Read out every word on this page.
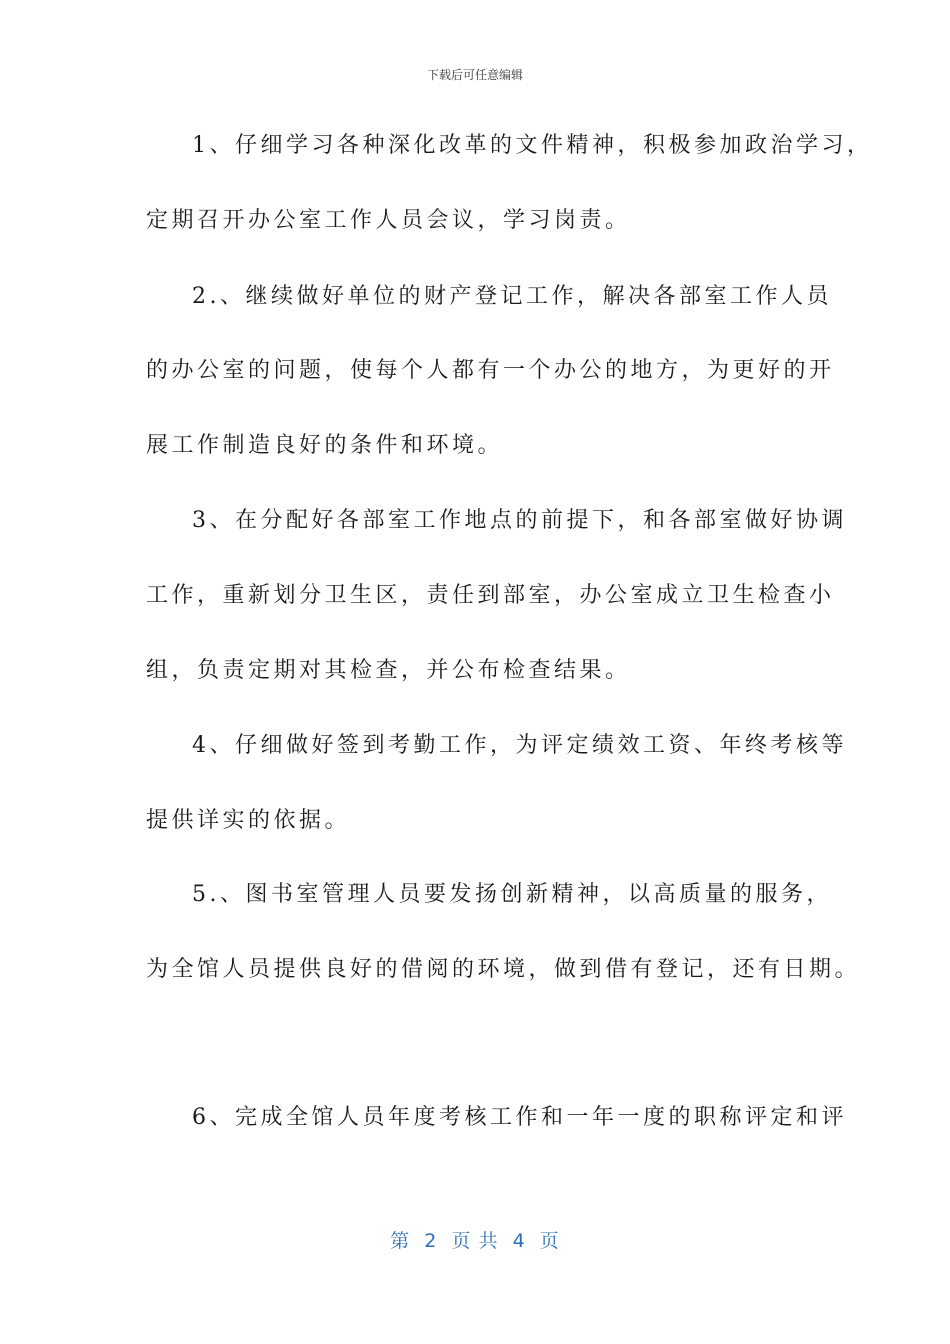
下载后可任意编辑
1、仔细学习各种深化改革的文件精神，积极参加政治学习，
定期召开办公室工作人员会议，学习岗责。
2.、继续做好单位的财产登记工作，解决各部室工作人员
的办公室的问题，使每个人都有一个办公的地方，为更好的开
展工作制造良好的条件和环境。
3、在分配好各部室工作地点的前提下，和各部室做好协调
工作，重新划分卫生区，责任到部室，办公室成立卫生检查小
组，负责定期对其检查，并公布检查结果。
4、仔细做好签到考勤工作，为评定绩效工资、年终考核等
提供详实的依据。
5.、图书室管理人员要发扬创新精神，以高质量的服务，
为全馆人员提供良好的借阅的环境，做到借有登记，还有日期。
6、完成全馆人员年度考核工作和一年一度的职称评定和评
第  2  页 共  4  页
